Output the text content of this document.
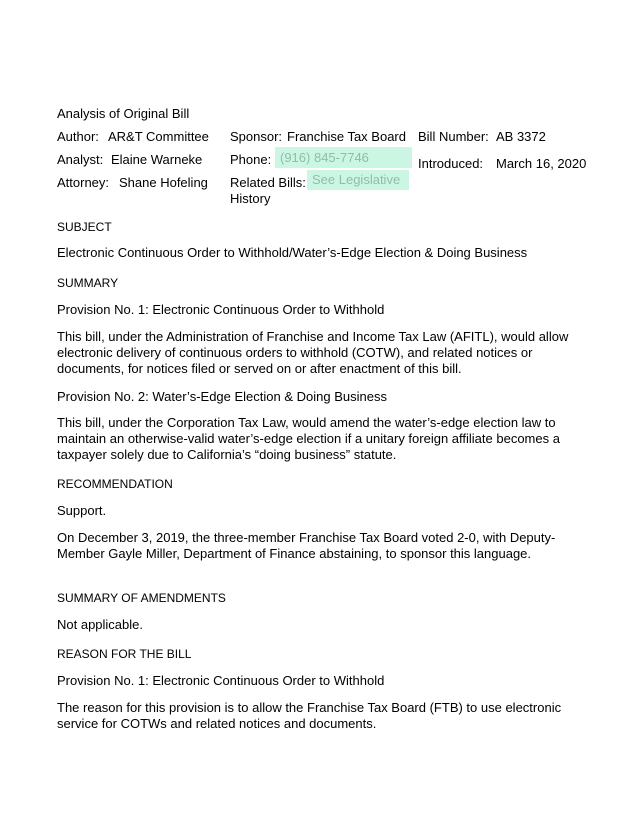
Analysis of Original Bill
Author: AR&T Committee Sponsor: Franchise Tax Board Bill Number: AB 3372
Analyst: Elaine Warneke Phone: (916) 845-7746	Introduced: March 16, 2020
Attorney: Shane Hofeling Related Bills: See Legislative
History
SUBJECT
Electronic Continuous Order to Withhold/Water’s-Edge Election & Doing Business
SUMMARY
Provision No. 1: Electronic Continuous Order to Withhold
This bill, under the Administration of Franchise and Income Tax Law (AFITL), would allow electronic delivery of continuous orders to withhold (COTW), and related notices or documents, for notices filed or served on or after enactment of this bill.
Provision No. 2: Water’s-Edge Election & Doing Business
This bill, under the Corporation Tax Law, would amend the water’s-edge election law to maintain an otherwise-valid water’s-edge election if a unitary foreign affiliate becomes a taxpayer solely due to California’s “doing business” statute.
RECOMMENDATION
Support.
On December 3, 2019, the three-member Franchise Tax Board voted 2-0, with Deputy-Member Gayle Miller, Department of Finance abstaining, to sponsor this language.
SUMMARY OF AMENDMENTS
Not applicable.
REASON FOR THE BILL
Provision No. 1: Electronic Continuous Order to Withhold
The reason for this provision is to allow the Franchise Tax Board (FTB) to use electronic service for COTWs and related notices and documents.
